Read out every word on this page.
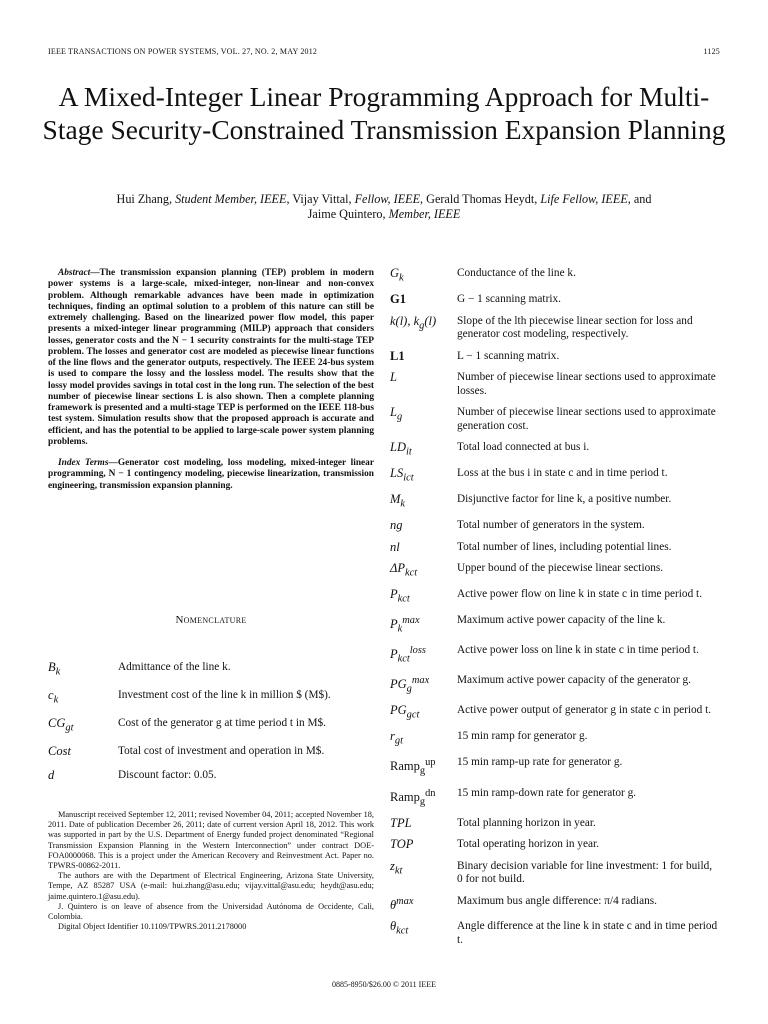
IEEE TRANSACTIONS ON POWER SYSTEMS, VOL. 27, NO. 2, MAY 2012	1125
A Mixed-Integer Linear Programming Approach for Multi-Stage Security-Constrained Transmission Expansion Planning
Hui Zhang, Student Member, IEEE, Vijay Vittal, Fellow, IEEE, Gerald Thomas Heydt, Life Fellow, IEEE, and
Jaime Quintero, Member, IEEE

Abstract—The transmission expansion planning (TEP) problem in modern power systems is a large-scale, mixed-integer, non-linear and non-convex problem. Although remarkable advances have been made in optimization techniques, finding an optimal solution to a problem of this nature can still be extremely challenging. Based on the linearized power flow model, this paper presents a mixed-integer linear programming (MILP) approach that considers losses, generator costs and the N − 1 security constraints for the multi-stage TEP problem. The losses and generator cost are modeled as piecewise linear functions of the line flows and the generator outputs, respectively. The IEEE 24-bus system is used to compare the lossy and the lossless model. The results show that the lossy model provides savings in total cost in the long run. The selection of the best number of piecewise linear sections L is also shown. Then a complete planning framework is presented and a multi-stage TEP is performed on the IEEE 118-bus test system. Simulation results show that the proposed approach is accurate and efficient, and has the potential to be applied to large-scale power system planning problems.

Index Terms—Generator cost modeling, loss modeling, mixed-integer linear programming, N − 1 contingency modeling, piecewise linearization, transmission engineering, transmission expansion planning.

Nomenclature
$B_k$	Admittance of the line k.
$c_k$	Investment cost of the line k in million $ (M$).
$CG_{gt}$	Cost of the generator g at time period t in M$.
Cost	Total cost of investment and operation in M$.
d	Discount factor: 0.05.

Manuscript received September 12, 2011; revised November 04, 2011; accepted November 18, 2011. Date of publication December 26, 2011; date of current version April 18, 2012. This work was supported in part by the U.S. Department of Energy funded project denominated “Regional Transmission Expansion Planning in the Western Interconnection” under contract DOE-FOA0000068. This is a project under the American Recovery and Reinvestment Act. Paper no. TPWRS-00862-2011.

The authors are with the Department of Electrical Engineering, Arizona State University, Tempe, AZ 85287 USA (e-mail: hui.zhang@asu.edu; vijay.vittal@asu.edu; heydt@asu.edu; jaime.quintero.1@asu.edu).

J. Quintero is on leave of absence from the Universidad Autónoma de Occidente, Cali, Colombia.

Digital Object Identifier 10.1109/TPWRS.2011.2178000

$G_k$	Conductance of the line k.
G1	G − 1 scanning matrix.
k(l), $k_g(l)$	Slope of the lth piecewise linear section for loss and generator cost modeling, respectively.
L1	L − 1 scanning matrix.
L	Number of piecewise linear sections used to approximate losses.
$L_g$	Number of piecewise linear sections used to approximate generation cost.
$LD_{it}$	Total load connected at bus i.
$LS_{ict}$	Loss at the bus i in state c and in time period t.
$M_k$	Disjunctive factor for line k, a positive number.
ng	Total number of generators in the system.
nl	Total number of lines, including potential lines.
$\Delta P_{kct}$	Upper bound of the piecewise linear sections.
$P_{kct}$	Active power flow on line k in state c in time period t.
$P_k^{max}$	Maximum active power capacity of the line k.
$P_{kct}^{loss}$	Active power loss on line k in state c in time period t.
$PG_g^{max}$	Maximum active power capacity of the generator g.
$PG_{gct}$	Active power output of generator g in state c in period t.
$r_{gt}$	15 min ramp for generator g.
Ramp$_g^{up}$	15 min ramp-up rate for generator g.
Ramp$_g^{dn}$	15 min ramp-down rate for generator g.
TPL	Total planning horizon in year.
TOP	Total operating horizon in year.
$z_{kt}$	Binary decision variable for line investment: 1 for build, 0 for not build.
$\theta^{max}$	Maximum bus angle difference: π/4 radians.
$\theta_{kct}$	Angle difference at the line k in state c and in time period t.
0885-8950/$26.00 © 2011 IEEE
